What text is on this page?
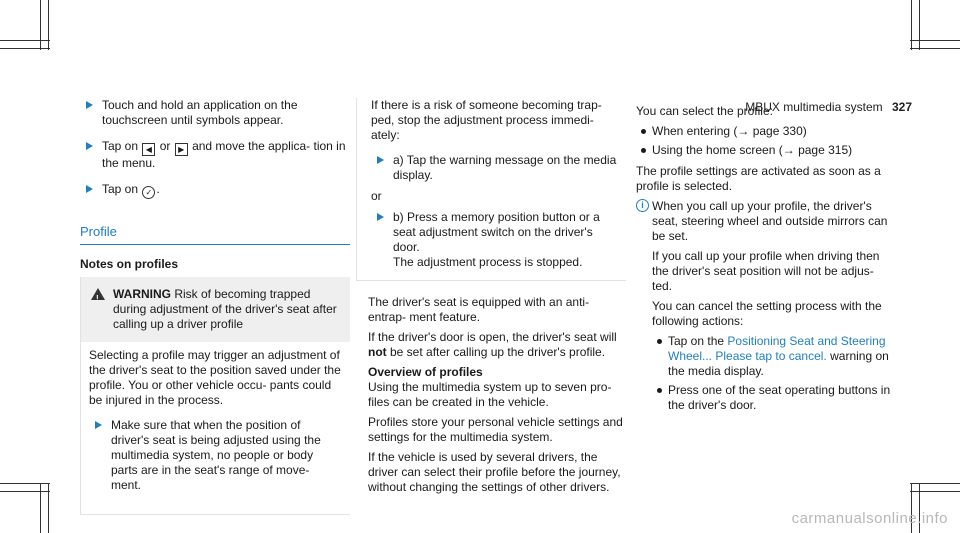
MBUX multimedia system 327
Touch and hold an application on the touchscreen until symbols appear.
Tap on ◀ or ▶ and move the applica- tion in the menu.
Tap on ✓ .

Profile

Notes on profiles

! WARNING Risk of becoming trapped during adjustment of the driver's seat after calling up a driver profile

Selecting a profile may trigger an adjustment of the driver's seat to the position saved under the profile. You or other vehicle occu- pants could be injured in the process.

Make sure that when the position of driver's seat is being adjusted using the multimedia system, no people or body parts are in the seat's range of move- ment.

If there is a risk of someone becoming trap- ped, stop the adjustment process immedi- ately:

a) Tap the warning message on the media display.

or

b) Press a memory position button or a seat adjustment switch on the driver's door.
The adjustment process is stopped.

The driver's seat is equipped with an anti-entrap- ment feature.

If the driver's door is open, the driver's seat will not be set after calling up the driver's profile.

Overview of profiles

Using the multimedia system up to seven pro- files can be created in the vehicle.

Profiles store your personal vehicle settings and settings for the multimedia system.

If the vehicle is used by several drivers, the driver can select their profile before the journey, without changing the settings of other drivers.

You can select the profile:

When entering (→ page 330)
Using the home screen (→ page 315)

The profile settings are activated as soon as a profile is selected.

i When you call up your profile, the driver's seat, steering wheel and outside mirrors can be set.

If you call up your profile when driving then the driver's seat position will not be adjus- ted.

You can cancel the setting process with the following actions:

Tap on the Positioning Seat and Steering Wheel... Please tap to cancel. warning on the media display.
Press one of the seat operating buttons in the driver's door.
carmanualsonline.info
